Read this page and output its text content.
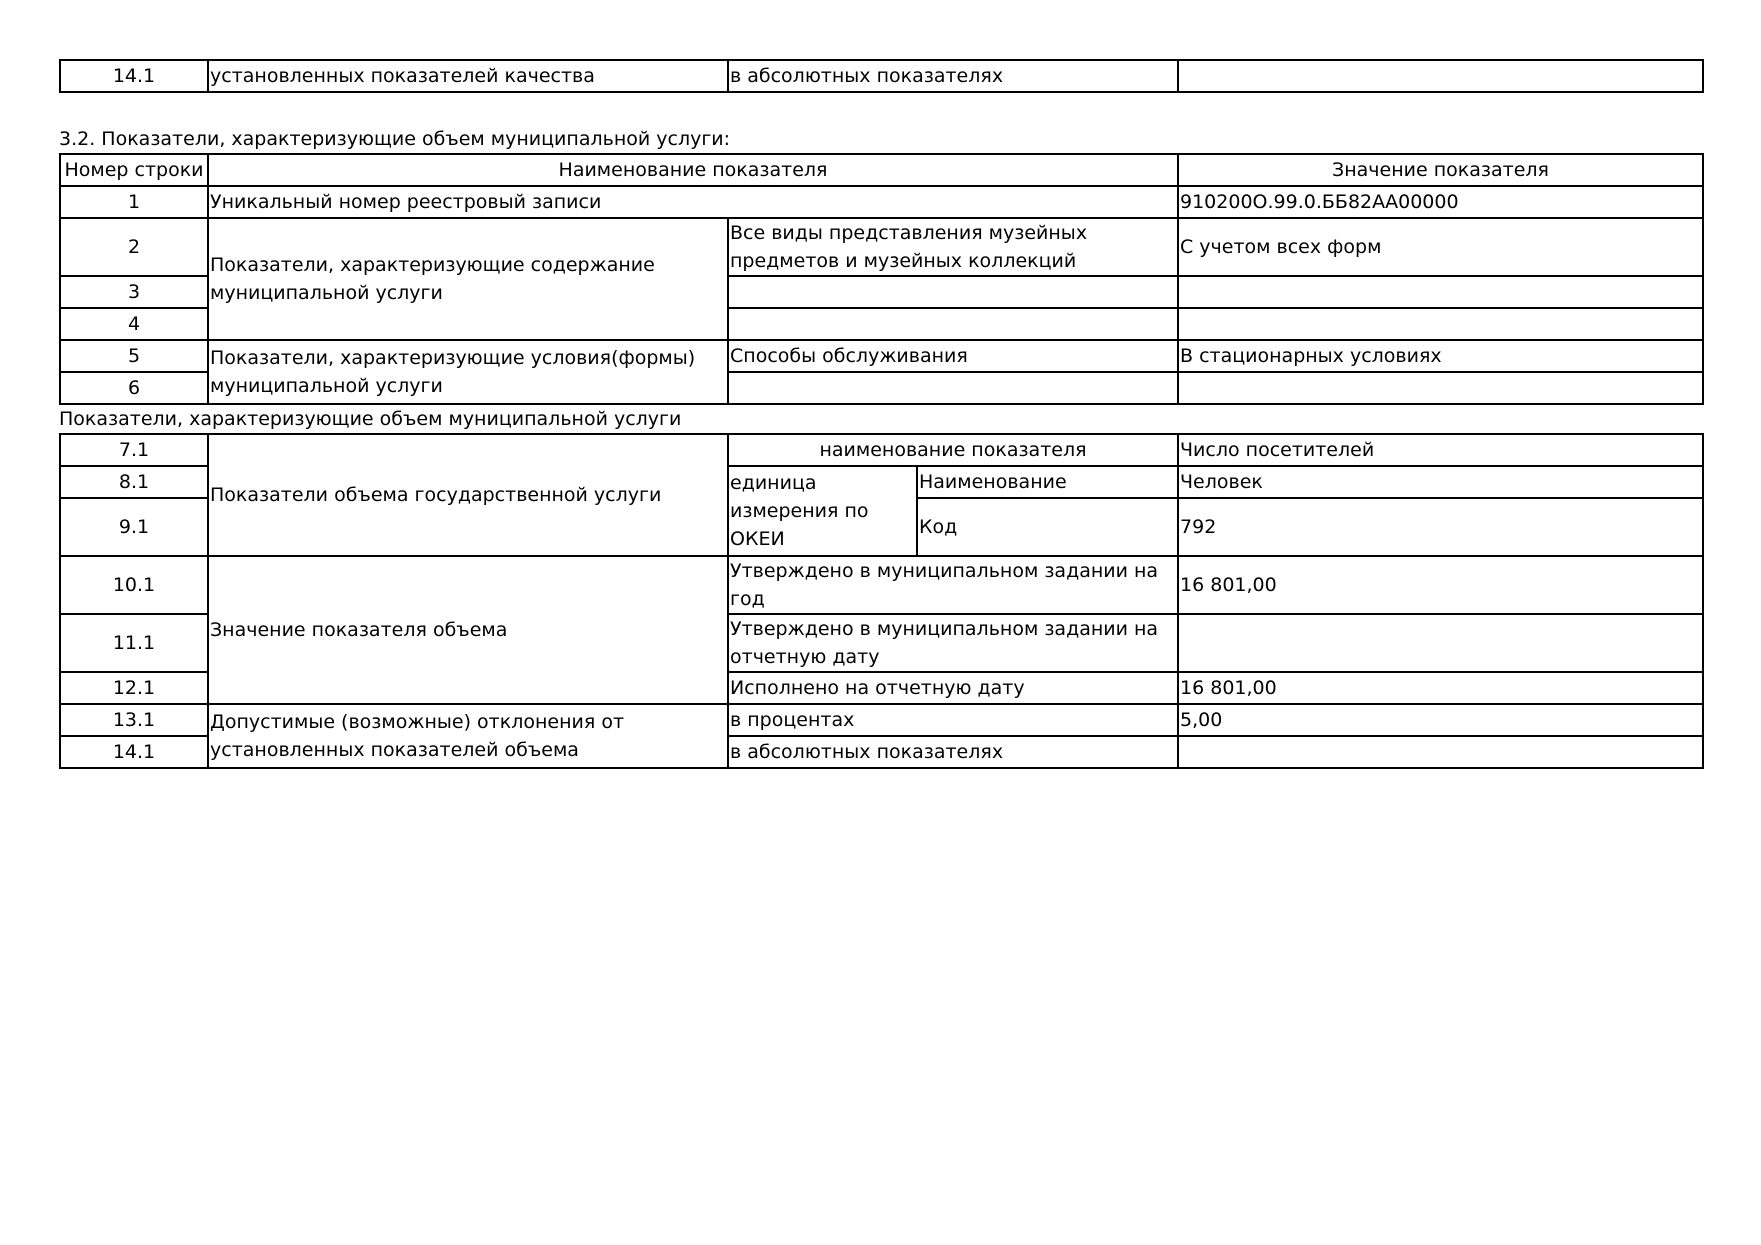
14.1	установленных показателей качества	в абсолютных показателях	
3.2. Показатели, характеризующие объем муниципальной услуги:
Номер строки	Наименование показателя		Значение показателя
1	Уникальный номер реестровый записи		910200О.99.0.ББ82АА00000
2	Показатели, характеризующие содержание муниципальной услуги	Все виды представления музейных предметов и музейных коллекций	С учетом всех форм
3			
4			
5	Показатели, характеризующие условия(формы) муниципальной услуги	Способы обслуживания	В стационарных условиях
6			
Показатели, характеризующие объем муниципальной услуги
7.1	Показатели объема государственной услуги	наименование показателя		Число посетителей
8.1		единица измерения по ОКЕИ	Наименование	Человек
9.1			Код	792
10.1	Значение показателя объема	Утверждено в муниципальном задании на год		16 801,00
11.1		Утверждено в муниципальном задании на отчетную дату		
12.1		Исполнено на отчетную дату		16 801,00
13.1	Допустимые (возможные) отклонения от установленных показателей объема	в процентах		5,00
14.1		в абсолютных показателях		
